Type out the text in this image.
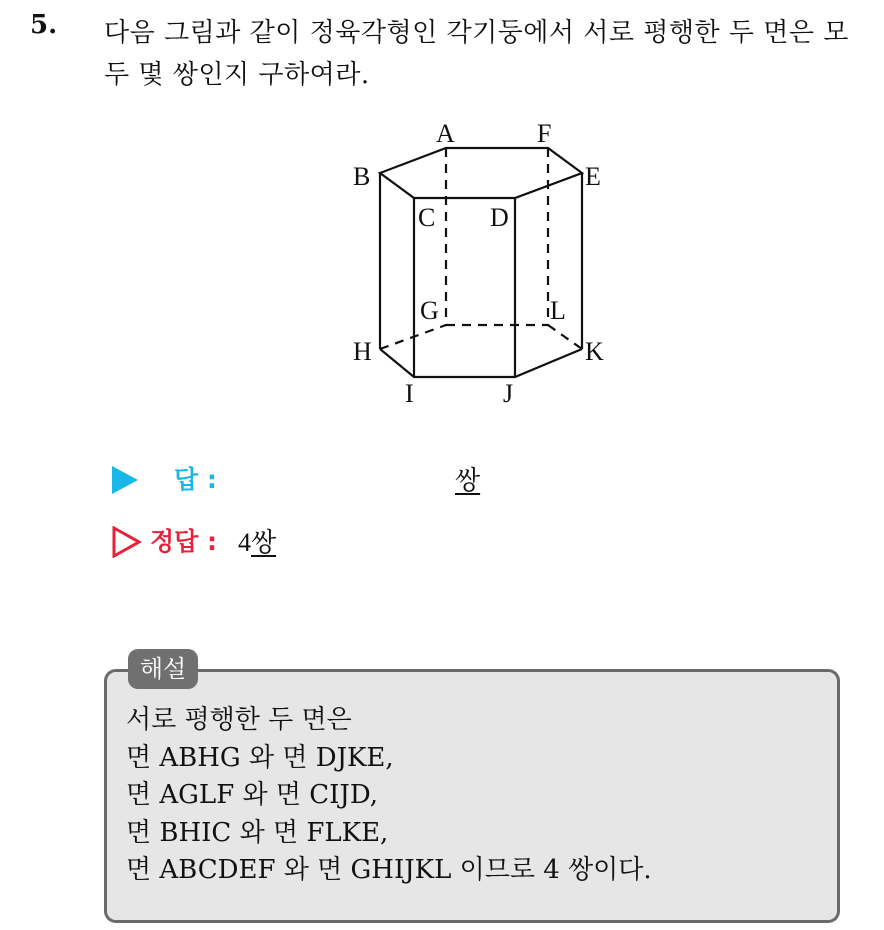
5. 다음 그림과 같이 정육각형인 각기둥에서 서로 평행한 두 면은 모두 몇 쌍인지 구하여라.
A	F
B	E
C D
G	L
H	K
I	J
답 :	쌍
정답 : 4쌍
해설
서로 평행한 두 면은
면 ABHG 와 면 DJKE,
면 AGLF 와 면 CIJD,
면 BHIC 와 면 FLKE,
면 ABCDEF 와 면 GHIJKL 이므로 4 쌍이다.
